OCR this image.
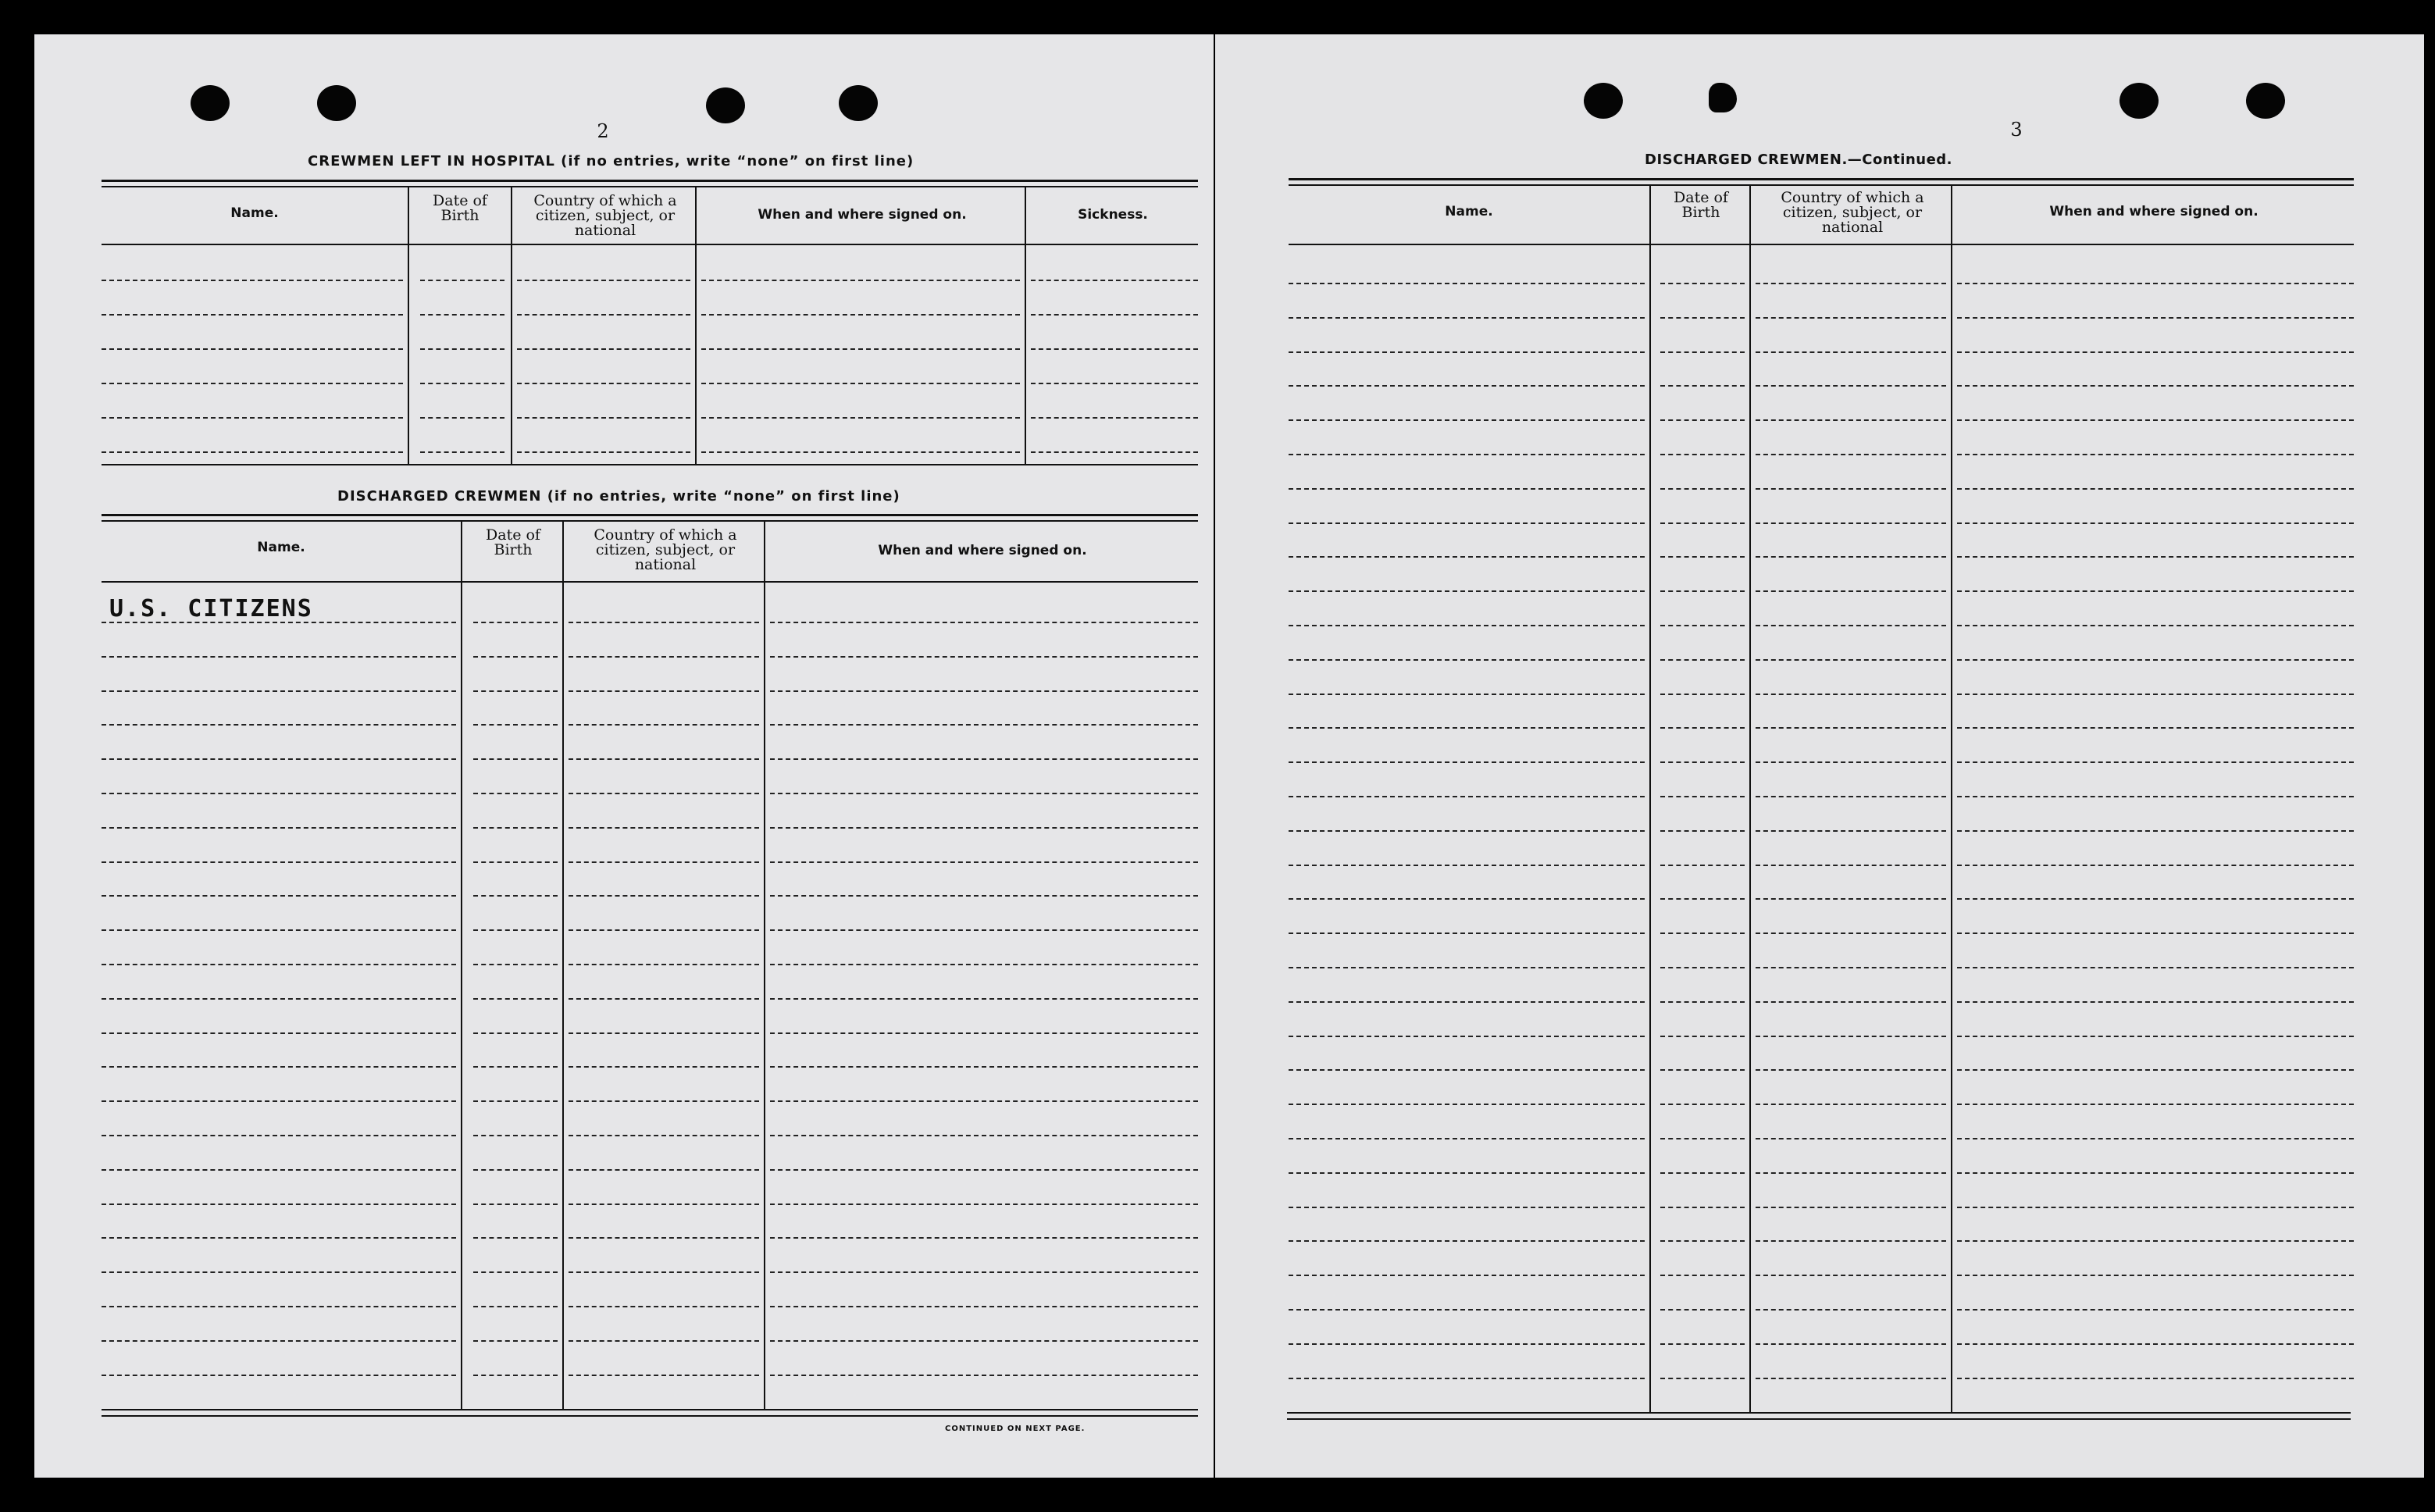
2
CREWMEN LEFT IN HOSPITAL (if no entries, write “none” on first line)
Name.
Date of Birth
Country of which a citizen, subject, or national
When and where signed on.	Sickness.
DISCHARGED CREWMEN (if no entries, write “none” on first line)
Name.
Date of Birth
Country of which a citizen, subject, or national
When and where signed on.
U.S. CITIZENS
CONTINUED ON NEXT PAGE.
3
DISCHARGED CREWMEN.—Continued.
Name.
Date of Birth
Country of which a citizen, subject, or national
When and where signed on.
